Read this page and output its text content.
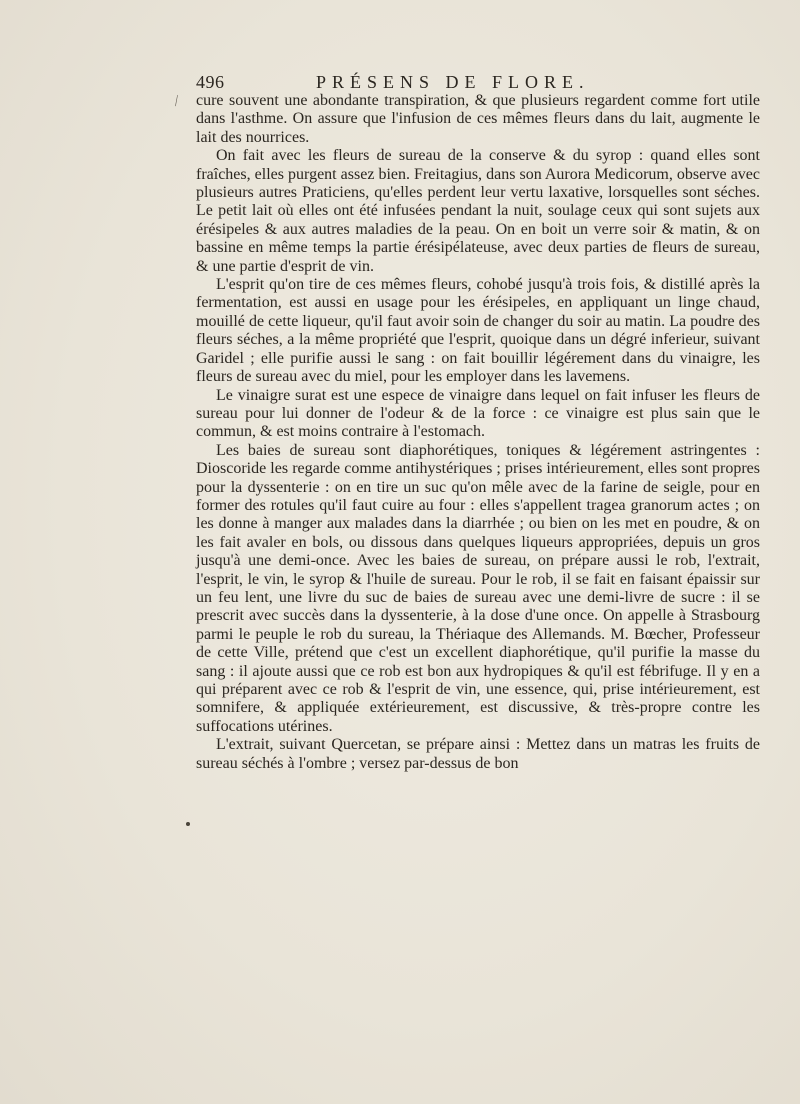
496	PRÉSENS DE FLORE.
⁄ cure souvent une abondante transpiration, & que plusieurs regardent comme fort utile dans l'asthme. On assure que l'infusion de ces mêmes fleurs dans du lait, augmente le lait des nourrices.

On fait avec les fleurs de sureau de la conserve & du syrop : quand elles sont fraîches, elles purgent assez bien. Freitagius, dans son Aurora Medicorum, observe avec plusieurs autres Praticiens, qu'elles perdent leur vertu laxative, lorsquelles sont séches. Le petit lait où elles ont été infusées pendant la nuit, soulage ceux qui sont sujets aux érésipeles & aux autres maladies de la peau. On en boit un verre soir & matin, & on bassine en même temps la partie érésipélateuse, avec deux parties de fleurs de sureau, & une partie d'esprit de vin.

L'esprit qu'on tire de ces mêmes fleurs, cohobé jusqu'à trois fois, & distillé après la fermentation, est aussi en usage pour les érésipeles, en appliquant un linge chaud, mouillé de cette liqueur, qu'il faut avoir soin de changer du soir au matin. La poudre des fleurs séches, a la même propriété que l'esprit, quoique dans un dégré inferieur, suivant Garidel ; elle purifie aussi le sang : on fait bouillir légérement dans du vinaigre, les fleurs de sureau avec du miel, pour les employer dans les lavemens.

Le vinaigre surat est une espece de vinaigre dans lequel on fait infuser les fleurs de sureau pour lui donner de l'odeur & de la force : ce vinaigre est plus sain que le commun, & est moins contraire à l'estomach.

Les baies de sureau sont diaphorétiques, toniques & légérement astringentes : Dioscoride les regarde comme antihystériques ; prises intérieurement, elles sont propres pour la dyssenterie : on en tire un suc qu'on mêle avec de la farine de seigle, pour en former des rotules qu'il faut cuire au four : elles s'appellent tragea granorum actes ; on les donne à manger aux malades dans la diarrhée ; ou bien on les met en poudre, & on les fait avaler en bols, ou dissous dans quelques liqueurs appropriées, depuis un gros jusqu'à une demi-once. Avec les baies de sureau, on prépare aussi le rob, l'extrait, l'esprit, le vin, le syrop & l'huile de sureau. Pour le rob, il se fait en faisant épaissir sur un feu lent, une livre du suc de baies de sureau avec une demi-livre de sucre : il se prescrit avec succès dans la dyssenterie, à la dose d'une once. On appelle à Strasbourg parmi le peuple le rob du sureau, la Thériaque des Allemands. M. Bœcher, Professeur de cette Ville, prétend que c'est un excellent diaphorétique, qu'il purifie la masse du sang : il ajoute aussi que ce rob est bon aux hydropiques & qu'il est fébrifuge. Il y en a qui préparent avec ce rob & l'esprit de vin, une essence, qui, prise intérieurement, est somnifere, & appliquée extérieurement, est discussive, & très-propre contre les suffocations utérines.

L'extrait, suivant Quercetan, se prépare ainsi : Mettez dans un matras les fruits de sureau séchés à l'ombre ; versez par-dessus de bon
